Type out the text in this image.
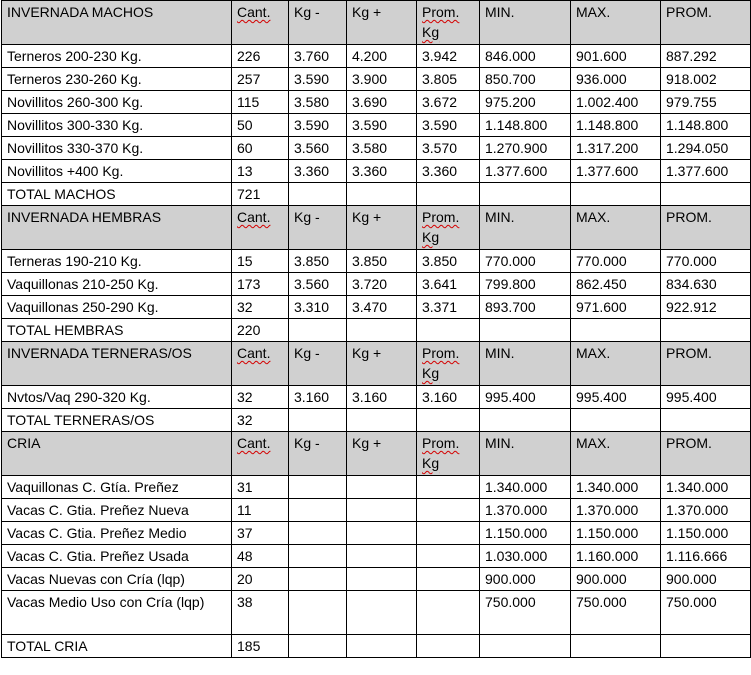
INVERNADA MACHOS	Cant.	Kg -	Kg +	Prom. Kg	MIN.	MAX.	PROM.
Terneros 200-230 Kg.	226	3.760	4.200	3.942	846.000	901.600	887.292
Terneros 230-260 Kg.	257	3.590	3.900	3.805	850.700	936.000	918.002
Novillitos 260-300 Kg.	115	3.580	3.690	3.672	975.200	1.002.400	979.755
Novillitos 300-330 Kg.	50	3.590	3.590	3.590	1.148.800	1.148.800	1.148.800
Novillitos 330-370 Kg.	60	3.560	3.580	3.570	1.270.900	1.317.200	1.294.050
Novillitos +400 Kg.	13	3.360	3.360	3.360	1.377.600	1.377.600	1.377.600
TOTAL MACHOS	721						
INVERNADA HEMBRAS	Cant.	Kg -	Kg +	Prom. Kg	MIN.	MAX.	PROM.
Terneras 190-210 Kg.	15	3.850	3.850	3.850	770.000	770.000	770.000
Vaquillonas 210-250 Kg.	173	3.560	3.720	3.641	799.800	862.450	834.630
Vaquillonas 250-290 Kg.	32	3.310	3.470	3.371	893.700	971.600	922.912
TOTAL HEMBRAS	220						
INVERNADA TERNERAS/OS	Cant.	Kg -	Kg +	Prom. Kg	MIN.	MAX.	PROM.
Nvtos/Vaq 290-320 Kg.	32	3.160	3.160	3.160	995.400	995.400	995.400
TOTAL TERNERAS/OS	32						
CRIA	Cant.	Kg -	Kg +	Prom. Kg	MIN.	MAX.	PROM.
Vaquillonas C. Gtía. Preñez	31				1.340.000	1.340.000	1.340.000
Vacas C. Gtia. Preñez Nueva	11				1.370.000	1.370.000	1.370.000
Vacas C. Gtia. Preñez Medio	37				1.150.000	1.150.000	1.150.000
Vacas C. Gtia. Preñez Usada	48				1.030.000	1.160.000	1.116.666
Vacas Nuevas con Cría (lqp)	20				900.000	900.000	900.000
Vacas Medio Uso con Cría (lqp)	38				750.000	750.000	750.000
TOTAL CRIA	185						
